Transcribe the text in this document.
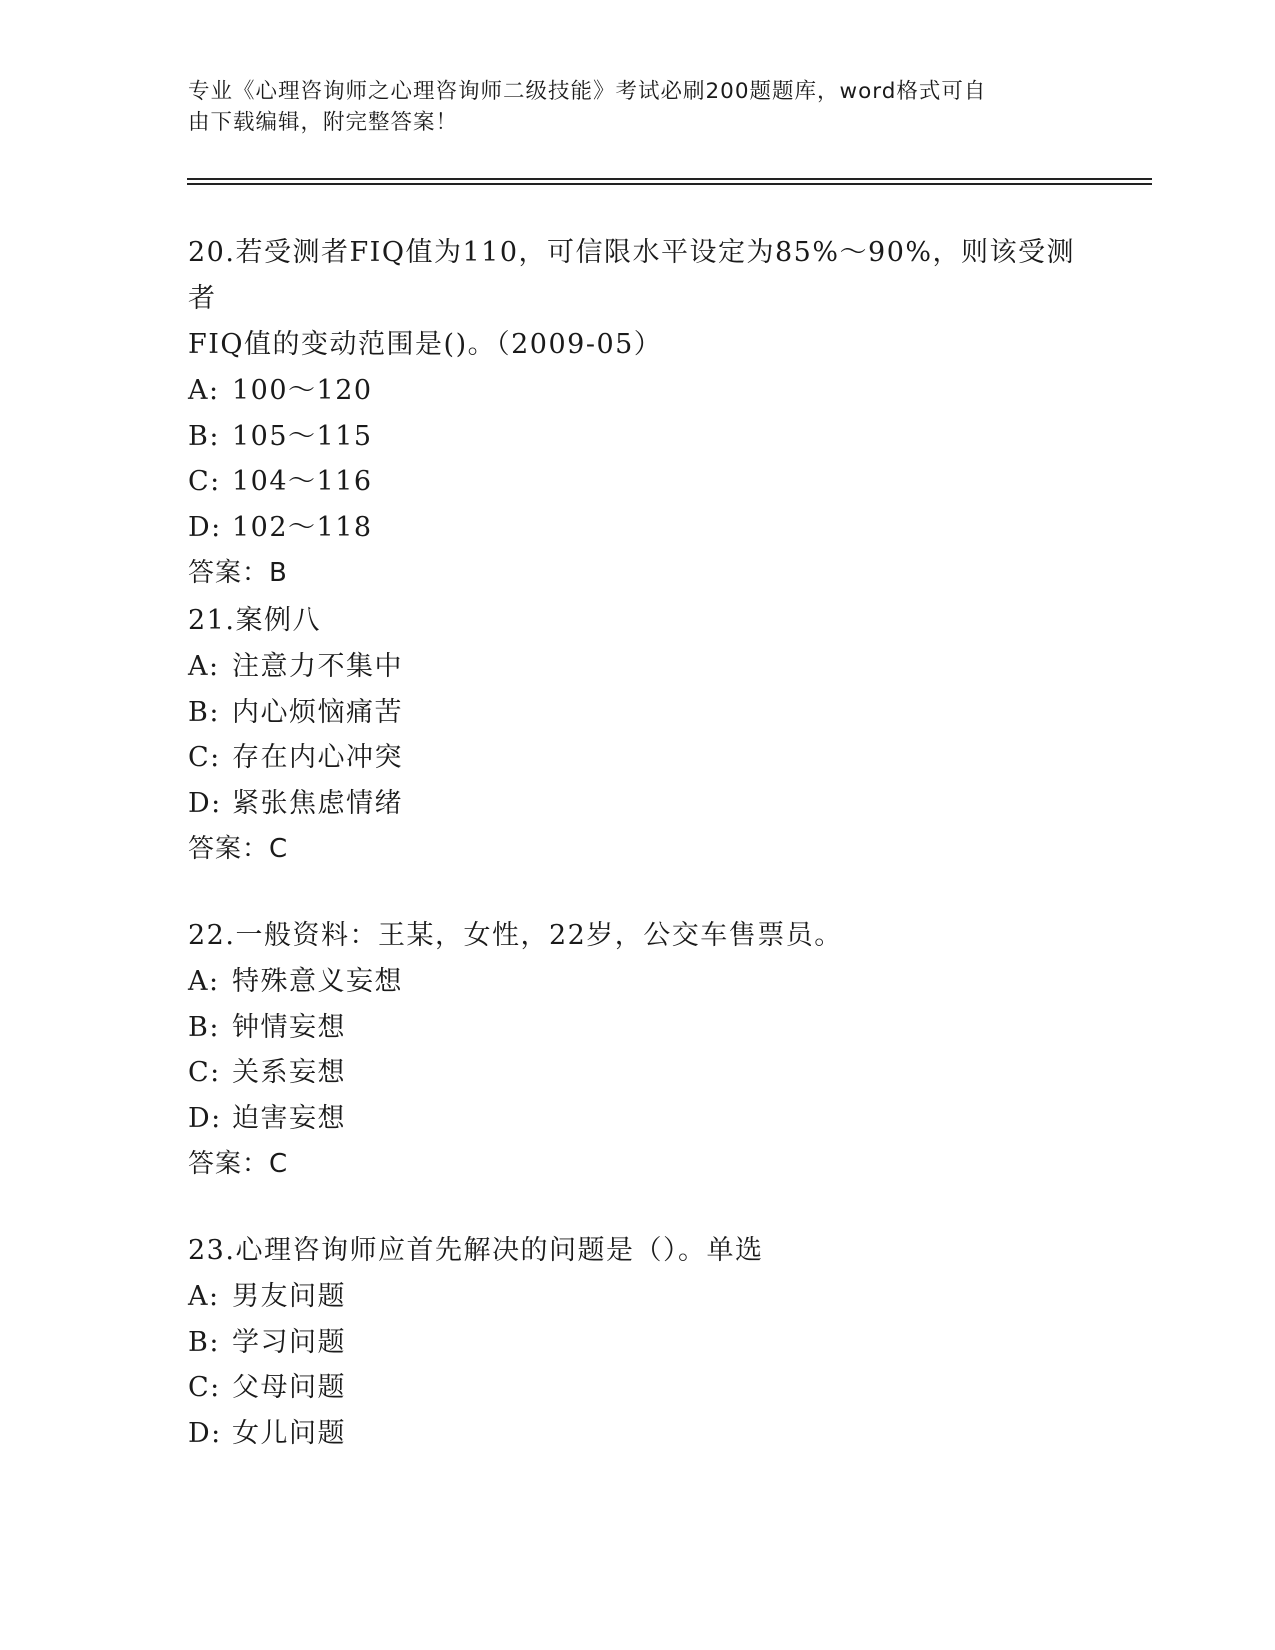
专业《心理咨询师之心理咨询师二级技能》考试必刷200题题库，word格式可自
由下载编辑，附完整答案！
20.若受测者FIQ值为110，可信限水平设定为85%～90%，则该受测者
FIQ值的变动范围是()。（2009-05）
A: 100～120
B: 105～115
C: 104～116
D: 102～118
答案：B
21.案例八
A: 注意力不集中
B: 内心烦恼痛苦
C: 存在内心冲突
D: 紧张焦虑情绪
答案：C
22.一般资料：王某，女性，22岁，公交车售票员。
A: 特殊意义妄想
B: 钟情妄想
C: 关系妄想
D: 迫害妄想
答案：C
23.心理咨询师应首先解决的问题是（）。单选
A: 男友问题
B: 学习问题
C: 父母问题
D: 女儿问题
